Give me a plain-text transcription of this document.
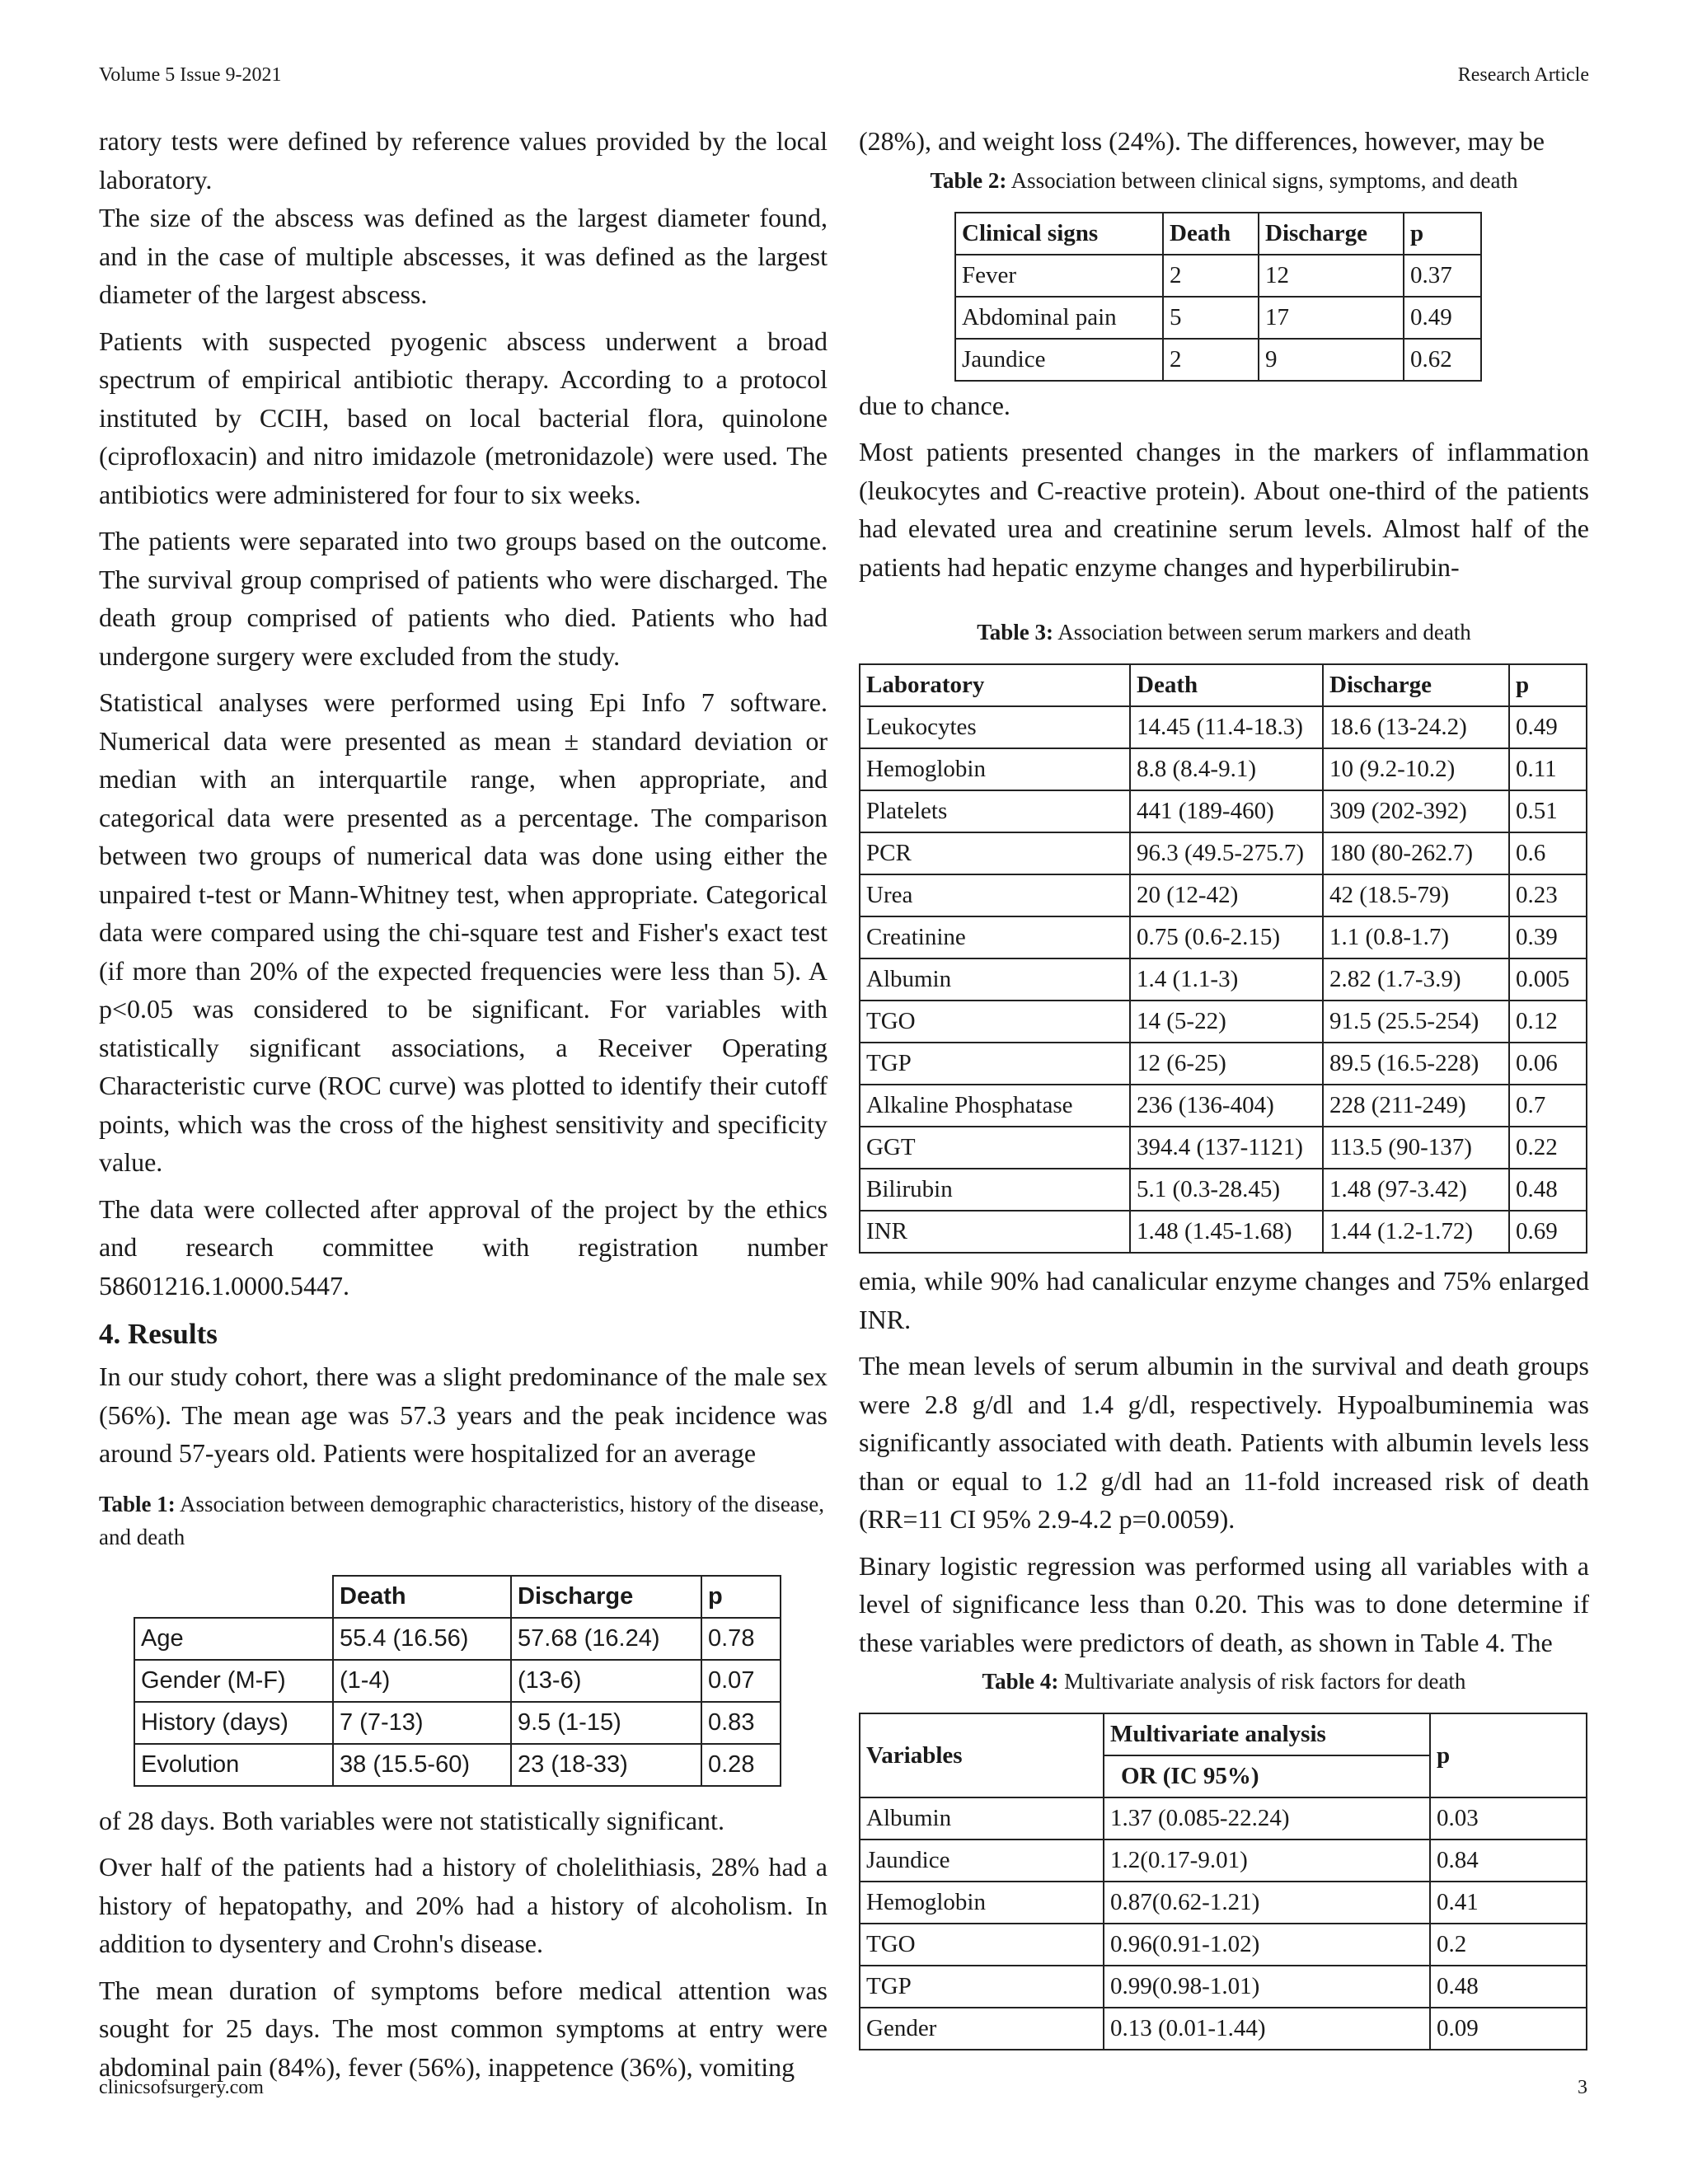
Volume 5 Issue 9-2021	Research Article

ratory tests were defined by reference values provided by the local laboratory.

The size of the abscess was defined as the largest diameter found, and in the case of multiple abscesses, it was defined as the largest diameter of the largest abscess.

Patients with suspected pyogenic abscess underwent a broad spectrum of empirical antibiotic therapy. According to a protocol instituted by CCIH, based on local bacterial flora, quinolone (ciprofloxacin) and nitro imidazole (metronidazole) were used. The antibiotics were administered for four to six weeks.

The patients were separated into two groups based on the outcome. The survival group comprised of patients who were discharged. The death group comprised of patients who died. Patients who had undergone surgery were excluded from the study.

Statistical analyses were performed using Epi Info 7 software. Numerical data were presented as mean ± standard deviation or median with an interquartile range, when appropriate, and categorical data were presented as a percentage. The comparison between two groups of numerical data was done using either the unpaired t-test or Mann-Whitney test, when appropriate. Categorical data were compared using the chi-square test and Fisher's exact test (if more than 20% of the expected frequencies were less than 5). A p<0.05 was considered to be significant. For variables with statistically significant associations, a Receiver Operating Characteristic curve (ROC curve) was plotted to identify their cutoff points, which was the cross of the highest sensitivity and specificity value.

The data were collected after approval of the project by the ethics and research committee with registration number 58601216.1.0000.5447.

4. Results

In our study cohort, there was a slight predominance of the male sex (56%). The mean age was 57.3 years and the peak incidence was around 57-years old. Patients were hospitalized for an average

Table 1: Association between demographic characteristics, history of the disease, and death
	Death	Discharge	p
Age	55.4 (16.56)	57.68 (16.24)	0.78
Gender (M-F)	(1-4)	(13-6)	0.07
History (days)	7 (7-13)	9.5 (1-15)	0.83
Evolution	38 (15.5-60)	23 (18-33)	0.28

of 28 days. Both variables were not statistically significant.

Over half of the patients had a history of cholelithiasis, 28% had a history of hepatopathy, and 20% had a history of alcoholism. In addition to dysentery and Crohn's disease.

The mean duration of symptoms before medical attention was sought for 25 days. The most common symptoms at entry were abdominal pain (84%), fever (56%), inappetence (36%), vomiting

(28%), and weight loss (24%). The differences, however, may be

Table 2: Association between clinical signs, symptoms, and death
Clinical signs	Death	Discharge	p
Fever	2	12	0.37
Abdominal pain	5	17	0.49
Jaundice	2	9	0.62

due to chance.

Most patients presented changes in the markers of inflammation (leukocytes and C-reactive protein). About one-third of the patients had elevated urea and creatinine serum levels. Almost half of the patients had hepatic enzyme changes and hyperbilirubin-

Table 3: Association between serum markers and death
Laboratory	Death	Discharge	p
Leukocytes	14.45 (11.4-18.3)	18.6 (13-24.2)	0.49
Hemoglobin	8.8 (8.4-9.1)	10 (9.2-10.2)	0.11
Platelets	441 (189-460)	309 (202-392)	0.51
PCR	96.3 (49.5-275.7)	180 (80-262.7)	0.6
Urea	20 (12-42)	42 (18.5-79)	0.23
Creatinine	0.75 (0.6-2.15)	1.1 (0.8-1.7)	0.39
Albumin	1.4 (1.1-3)	2.82 (1.7-3.9)	0.005
TGO	14 (5-22)	91.5 (25.5-254)	0.12
TGP	12 (6-25)	89.5 (16.5-228)	0.06
Alkaline Phosphatase	236 (136-404)	228 (211-249)	0.7
GGT	394.4 (137-1121)	113.5 (90-137)	0.22
Bilirubin	5.1 (0.3-28.45)	1.48 (97-3.42)	0.48
INR	1.48 (1.45-1.68)	1.44 (1.2-1.72)	0.69

emia, while 90% had canalicular enzyme changes and 75% enlarged INR.

The mean levels of serum albumin in the survival and death groups were 2.8 g/dl and 1.4 g/dl, respectively. Hypoalbuminemia was significantly associated with death. Patients with albumin levels less than or equal to 1.2 g/dl had an 11-fold increased risk of death (RR=11 CI 95% 2.9-4.2 p=0.0059).

Binary logistic regression was performed using all variables with a level of significance less than 0.20. This was to done determine if these variables were predictors of death, as shown in Table 4. The

Table 4: Multivariate analysis of risk factors for death
Variables	Multivariate analysis	p
	OR (IC 95%)	
Albumin	1.37 (0.085-22.24)	0.03
Jaundice	1.2(0.17-9.01)	0.84
Hemoglobin	0.87(0.62-1.21)	0.41
TGO	0.96(0.91-1.02)	0.2
TGP	0.99(0.98-1.01)	0.48
Gender	0.13 (0.01-1.44)	0.09
clinicsofsurgery.com	3
